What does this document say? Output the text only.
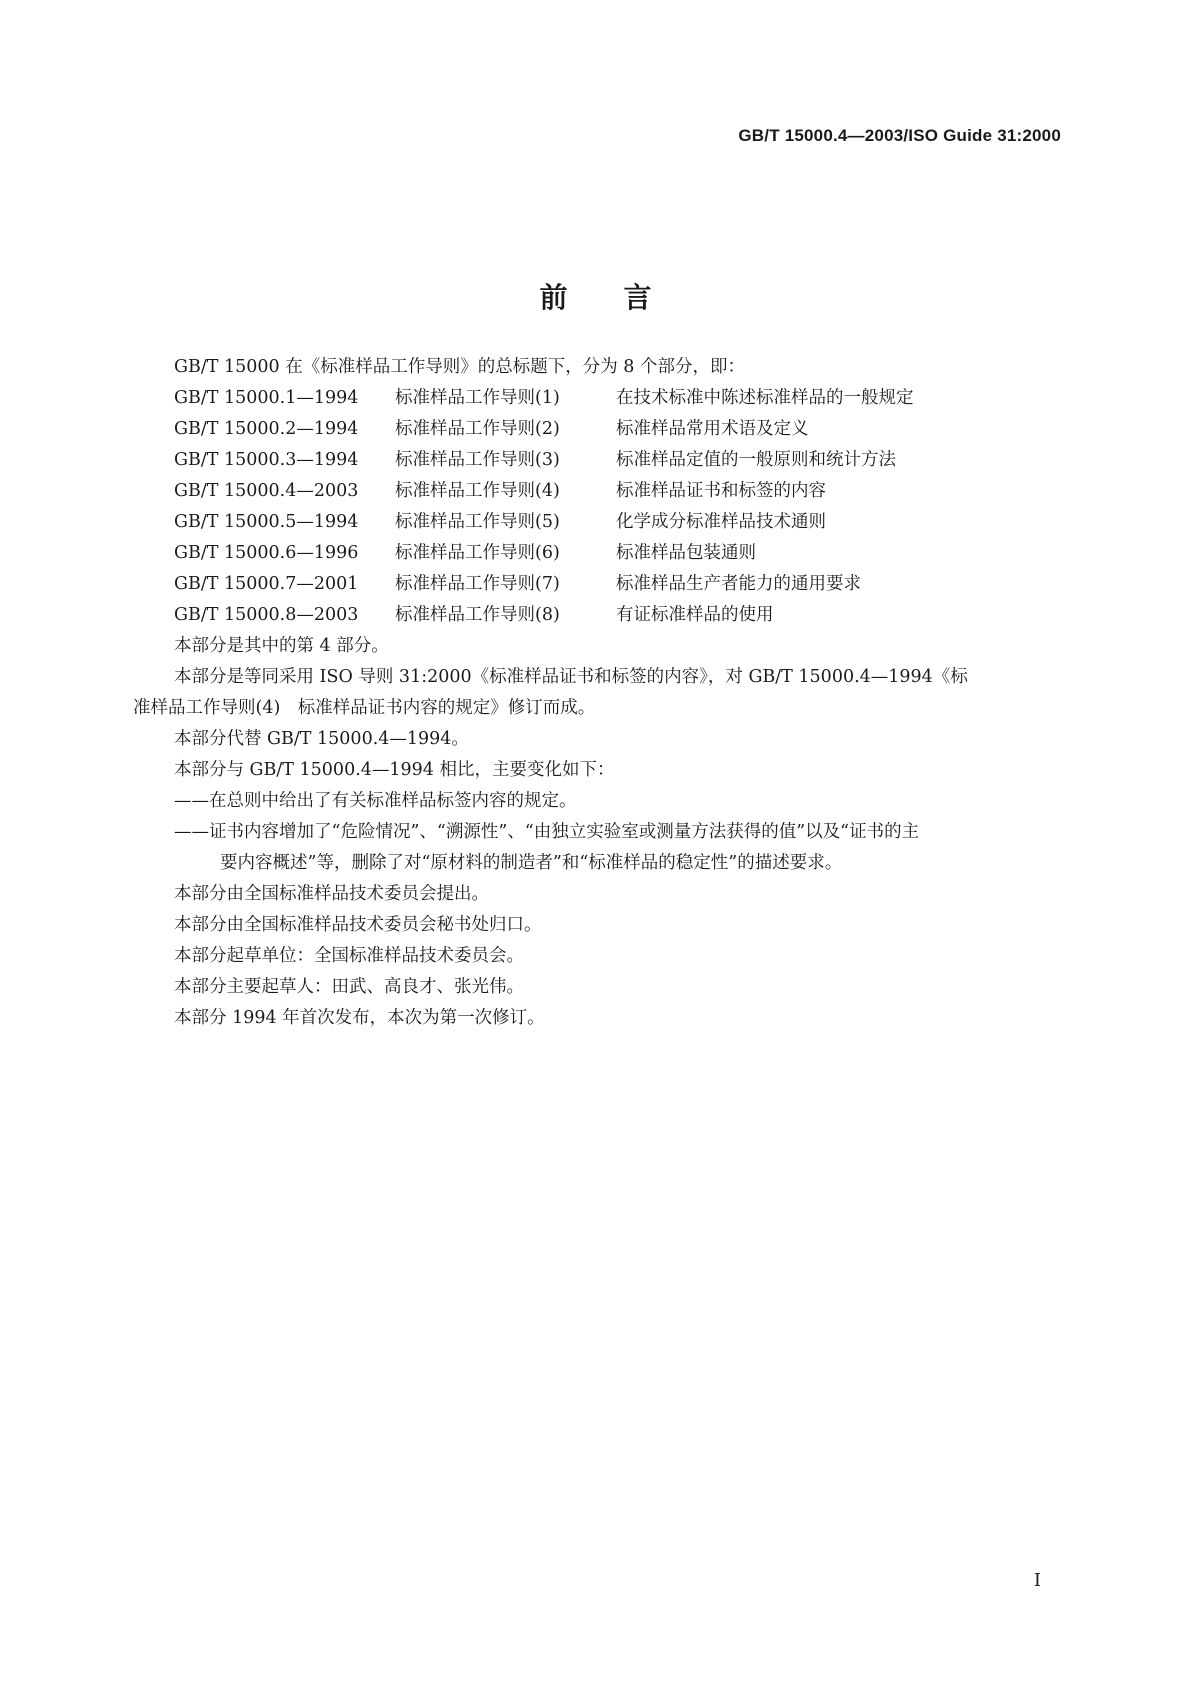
GB/T 15000.4—2003/ISO Guide 31:2000
前言
GB/T 15000 在《标准样品工作导则》的总标题下，分为 8 个部分，即：
GB/T 15000.1—1994 标准样品工作导则(1)	在技术标准中陈述标准样品的一般规定
GB/T 15000.2—1994 标准样品工作导则(2)	标准样品常用术语及定义
GB/T 15000.3—1994 标准样品工作导则(3)	标准样品定值的一般原则和统计方法
GB/T 15000.4—2003 标准样品工作导则(4)	标准样品证书和标签的内容
GB/T 15000.5—1994 标准样品工作导则(5)	化学成分标准样品技术通则
GB/T 15000.6—1996 标准样品工作导则(6)	标准样品包装通则
GB/T 15000.7—2001 标准样品工作导则(7)	标准样品生产者能力的通用要求
GB/T 15000.8—2003 标准样品工作导则(8)	有证标准样品的使用
本部分是其中的第 4 部分。
本部分是等同采用 ISO 导则 31:2000《标准样品证书和标签的内容》，对 GB/T 15000.4—1994《标
准样品工作导则(4)　标准样品证书内容的规定》修订而成。
本部分代替 GB/T 15000.4—1994。
本部分与 GB/T 15000.4—1994 相比，主要变化如下：
——在总则中给出了有关标准样品标签内容的规定。
——证书内容增加了“危险情况”、“溯源性”、“由独立实验室或测量方法获得的值”以及“证书的主
要内容概述”等，删除了对“原材料的制造者”和“标准样品的稳定性”的描述要求。
本部分由全国标准样品技术委员会提出。
本部分由全国标准样品技术委员会秘书处归口。
本部分起草单位：全国标准样品技术委员会。
本部分主要起草人：田武、高良才、张光伟。
本部分 1994 年首次发布，本次为第一次修订。
I
